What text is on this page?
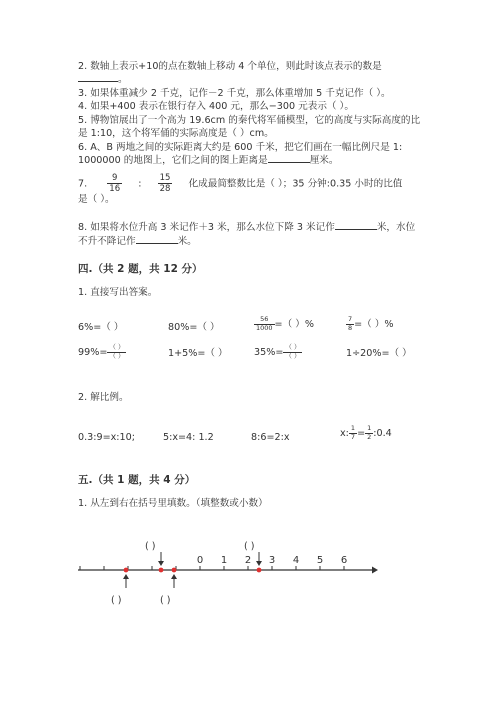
2. 数轴上表示+10的点在数轴上移动 4 个单位，则此时该点表示的数是
。
3. 如果体重减少 2 千克，记作－2 千克，那么体重增加 5 千克记作（ ）。
4. 如果+400 表示在银行存入 400 元，那么−300 元表示（ ）。
5. 博物馆展出了一个高为 19.6cm 的秦代将军俑模型，它的高度与实际高度的比
是 1:10，这个将军俑的实际高度是（ ）cm。
6. A、B 两地之间的实际距离大约是 600 千米，把它们画在一幅比例尺是 1:
1000000 的地图上，它们之间的图上距离是	厘米。
7. $\frac{9}{16}$ : $\frac{15}{28}$ 化成最简整数比是（ ）；35 分钟:0.35 小时的比值
是（ ）。
8. 如果将水位升高 3 米记作＋3 米，那么水位下降 3 米记作	米，水位
不升不降记作	米。
四.（共 2 题，共 12 分）
1. 直接写出答案。
6%=（ ）	80%=（ ）	$\frac{56}{1000}$ =（ ）%	$\frac{7}{8}$ =（ ）%
$99\%= \frac{( )}{( )}$	1+5%=（ ）	$35\%= \frac{( )}{( )}$	1÷20%=（ ）
2. 解比例。
0.3:9=x:10;	5:x=4: 1.2	8:6=2:x	x: $\frac{1}{7} = \frac{1}{2}$ :0.4
五.（共 1 题，共 4 分）
1. 从左到右在括号里填数。（填整数或小数）
( )	( )
( )	( )
0 1 2 3 4 5 6
